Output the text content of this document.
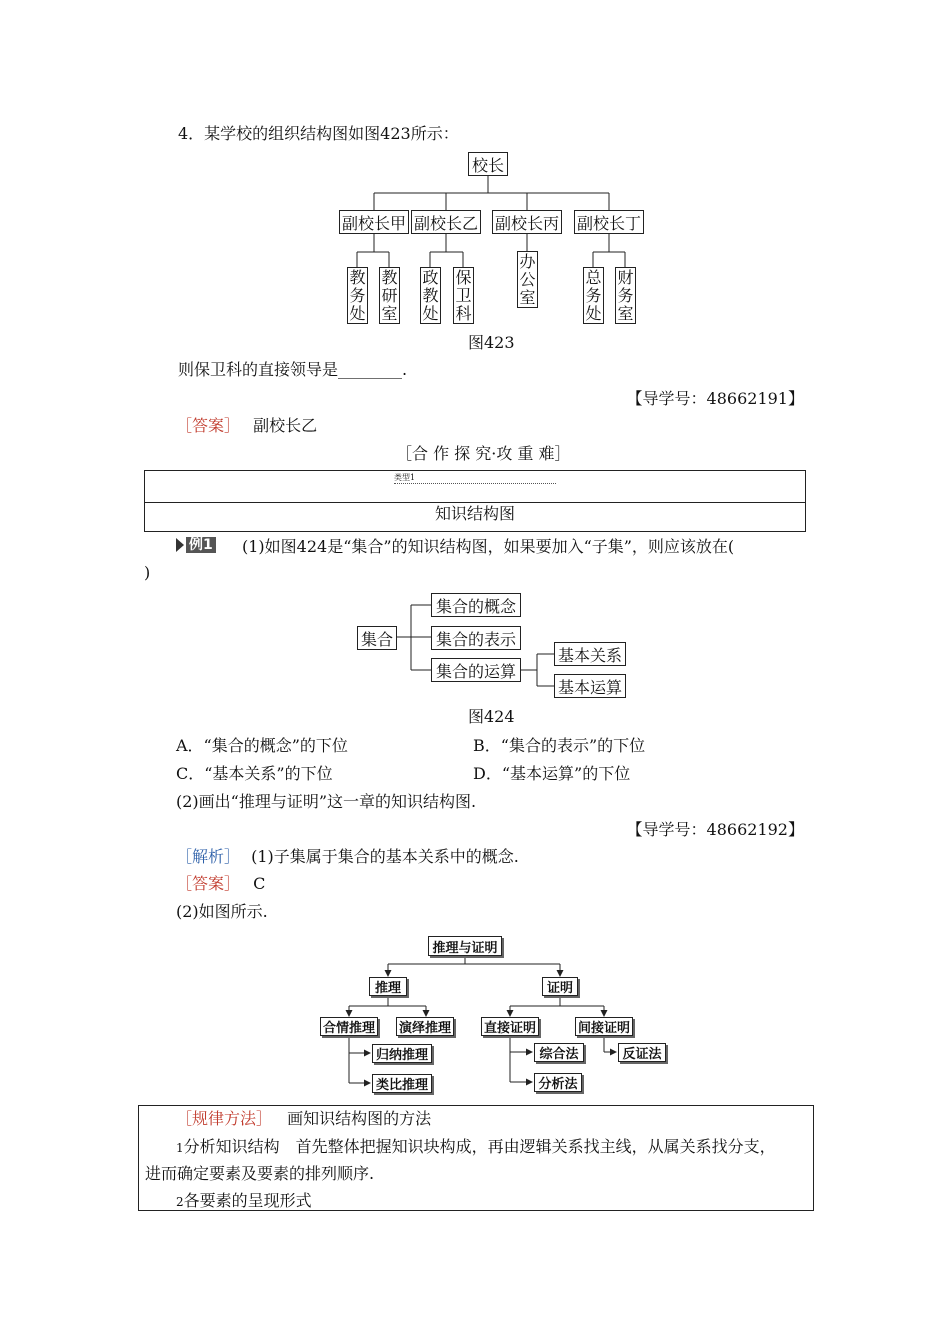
4．某学校的组织结构图如图423所示：
校长
副校长甲 副校长乙 副校长丙 副校长丁
教
务
处
教
研
室
政
教
处
保
卫
科
办
公
室
总
务
处
财
务
室
图423
则保卫科的直接领导是________.
【导学号：48662191】
［答案］ 副校长乙
［合 作 探 究·攻 重 难］
类型1
知识结构图
例1 (1)如图424是“集合”的知识结构图，如果要加入“子集”，则应该放在(
)
集合
集合的概念
集合的表示
集合的运算
基本关系
基本运算
图424
A．“集合的概念”的下位	B．“集合的表示”的下位
C．“基本关系”的下位	D．“基本运算”的下位
(2)画出“推理与证明”这一章的知识结构图.
【导学号：48662192】
［解析］ (1)子集属于集合的基本关系中的概念.
［答案］ C
(2)如图所示.
推理与证明
推理	证明
合情推理 演绎推理	直接证明	间接证明
归纳推理
类比推理
综合法
分析法
反证法
［规律方法］ 画知识结构图的方法
1分析知识结构　首先整体把握知识块构成，再由逻辑关系找主线，从属关系找分支，
进而确定要素及要素的排列顺序.
2各要素的呈现形式
